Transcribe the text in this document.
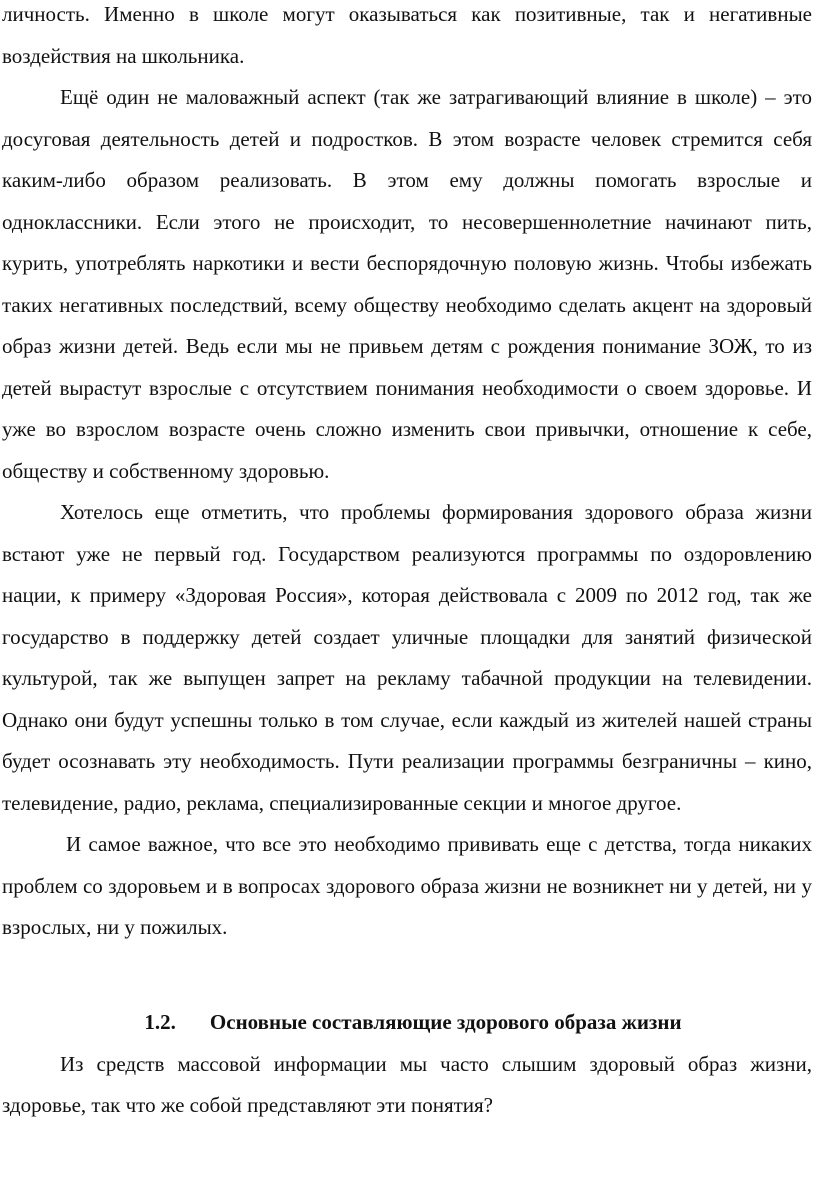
личность. Именно в школе могут оказываться как позитивные, так и негативные воздействия на школьника.

Ещё один не маловажный аспект (так же затрагивающий влияние в школе) – это досуговая деятельность детей и подростков. В этом возрасте человек стремится себя каким-либо образом реализовать. В этом ему должны помогать взрослые и одноклассники. Если этого не происходит, то несовершеннолетние начинают пить, курить, употреблять наркотики и вести беспорядочную половую жизнь. Чтобы избежать таких негативных последствий, всему обществу необходимо сделать акцент на здоровый образ жизни детей. Ведь если мы не привьем детям с рождения понимание ЗОЖ, то из детей вырастут взрослые с отсутствием понимания необходимости о своем здоровье. И уже во взрослом возрасте очень сложно изменить свои привычки, отношение к себе, обществу и собственному здоровью.

Хотелось еще отметить, что проблемы формирования здорового образа жизни встают уже не первый год. Государством реализуются программы по оздоровлению нации, к примеру «Здоровая Россия», которая действовала с 2009 по 2012 год, так же государство в поддержку детей создает уличные площадки для занятий физической культурой, так же выпущен запрет на рекламу табачной продукции на телевидении. Однако они будут успешны только в том случае, если каждый из жителей нашей страны будет осознавать эту необходимость. Пути реализации программы безграничны – кино, телевидение, радио, реклама, специализированные секции и многое другое.

И самое важное, что все это необходимо прививать еще с детства, тогда никаких проблем со здоровьем и в вопросах здорового образа жизни не возникнет ни у детей, ни у взрослых, ни у пожилых.

1.2. Основные составляющие здорового образа жизни

Из средств массовой информации мы часто слышим здоровый образ жизни, здоровье, так что же собой представляют эти понятия?
